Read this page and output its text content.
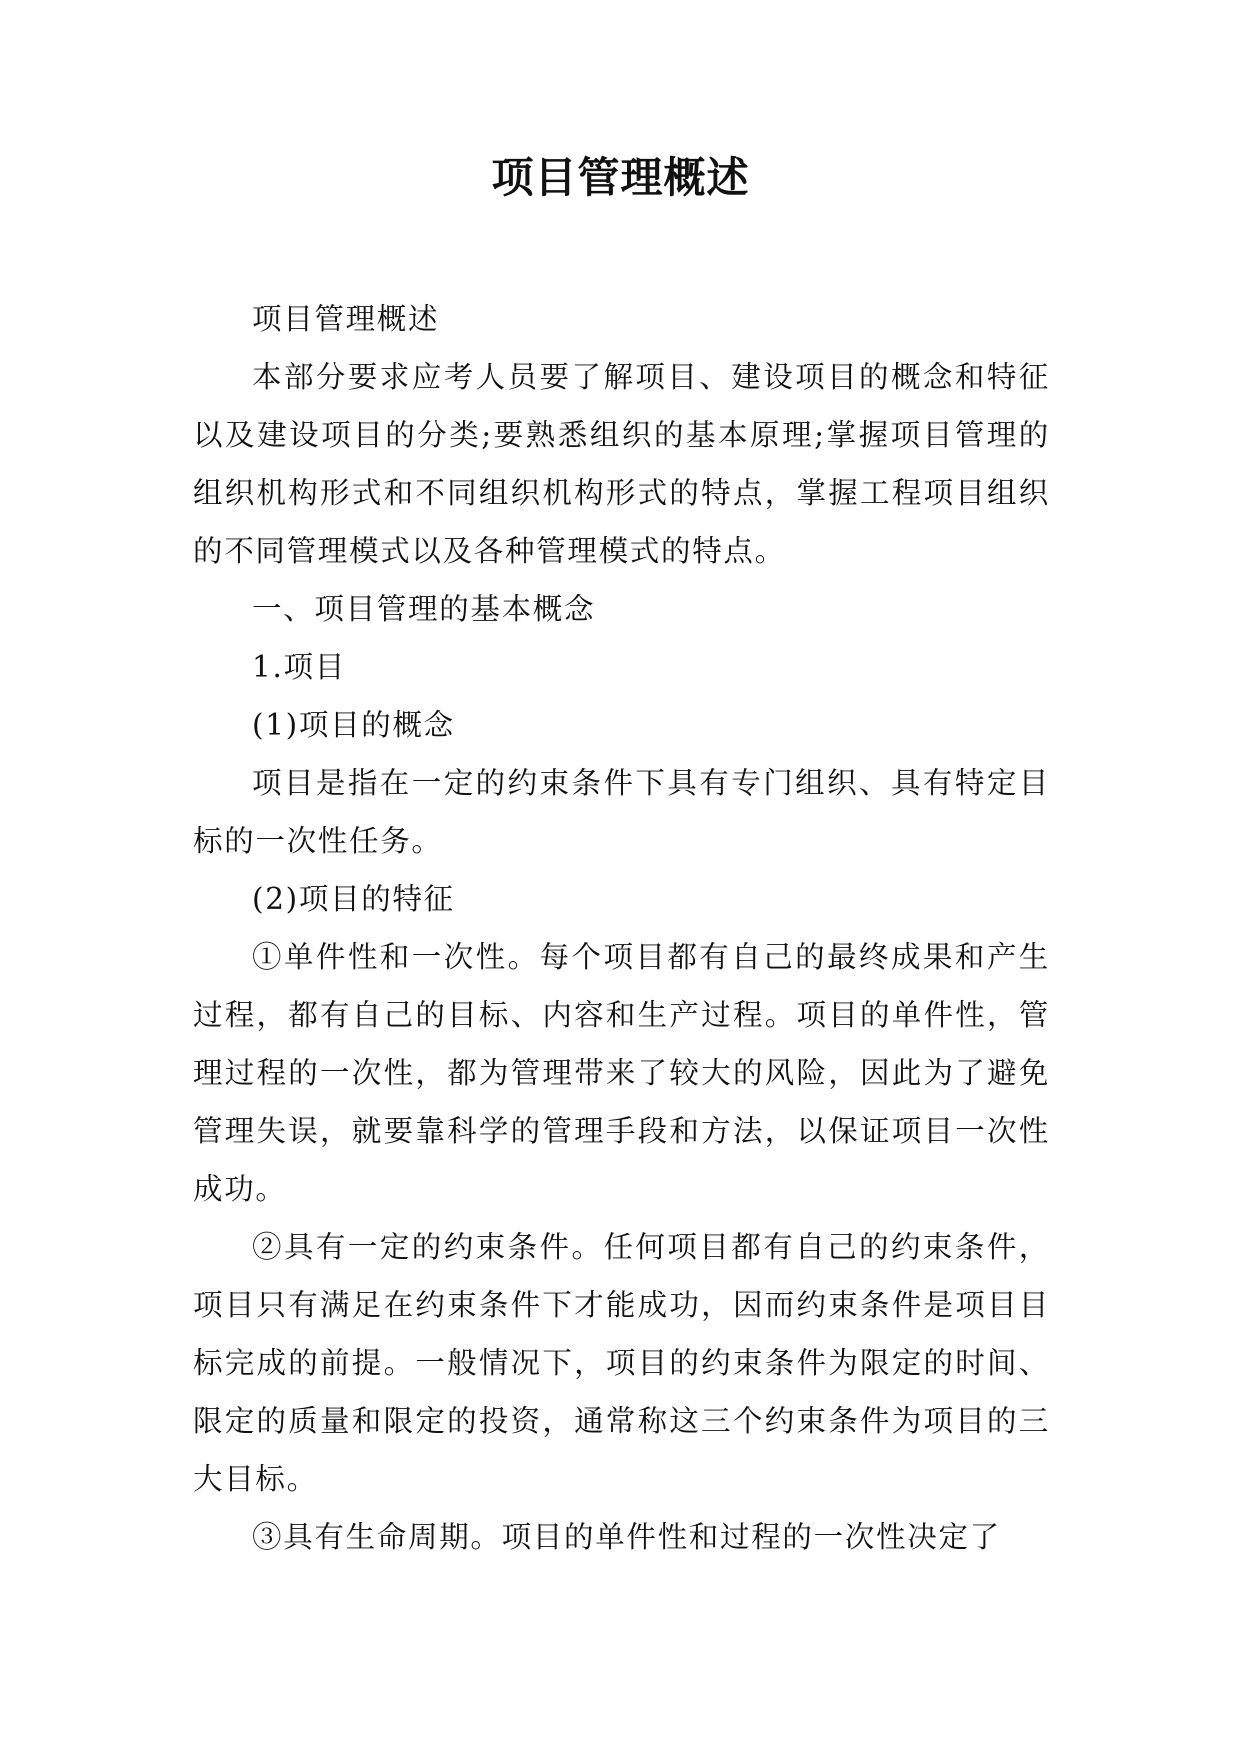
项目管理概述

项目管理概述

本部分要求应考人员要了解项目、建设项目的概念和特征以及建设项目的分类;要熟悉组织的基本原理;掌握项目管理的组织机构形式和不同组织机构形式的特点，掌握工程项目组织的不同管理模式以及各种管理模式的特点。

一、项目管理的基本概念

1.项目

(1)项目的概念

项目是指在一定的约束条件下具有专门组织、具有特定目标的一次性任务。

(2)项目的特征

①单件性和一次性。每个项目都有自己的最终成果和产生过程，都有自己的目标、内容和生产过程。项目的单件性，管理过程的一次性，都为管理带来了较大的风险，因此为了避免管理失误，就要靠科学的管理手段和方法，以保证项目一次性成功。

②具有一定的约束条件。任何项目都有自己的约束条件，项目只有满足在约束条件下才能成功，因而约束条件是项目目标完成的前提。一般情况下，项目的约束条件为限定的时间、限定的质量和限定的投资，通常称这三个约束条件为项目的三大目标。

③具有生命周期。项目的单件性和过程的一次性决定了
